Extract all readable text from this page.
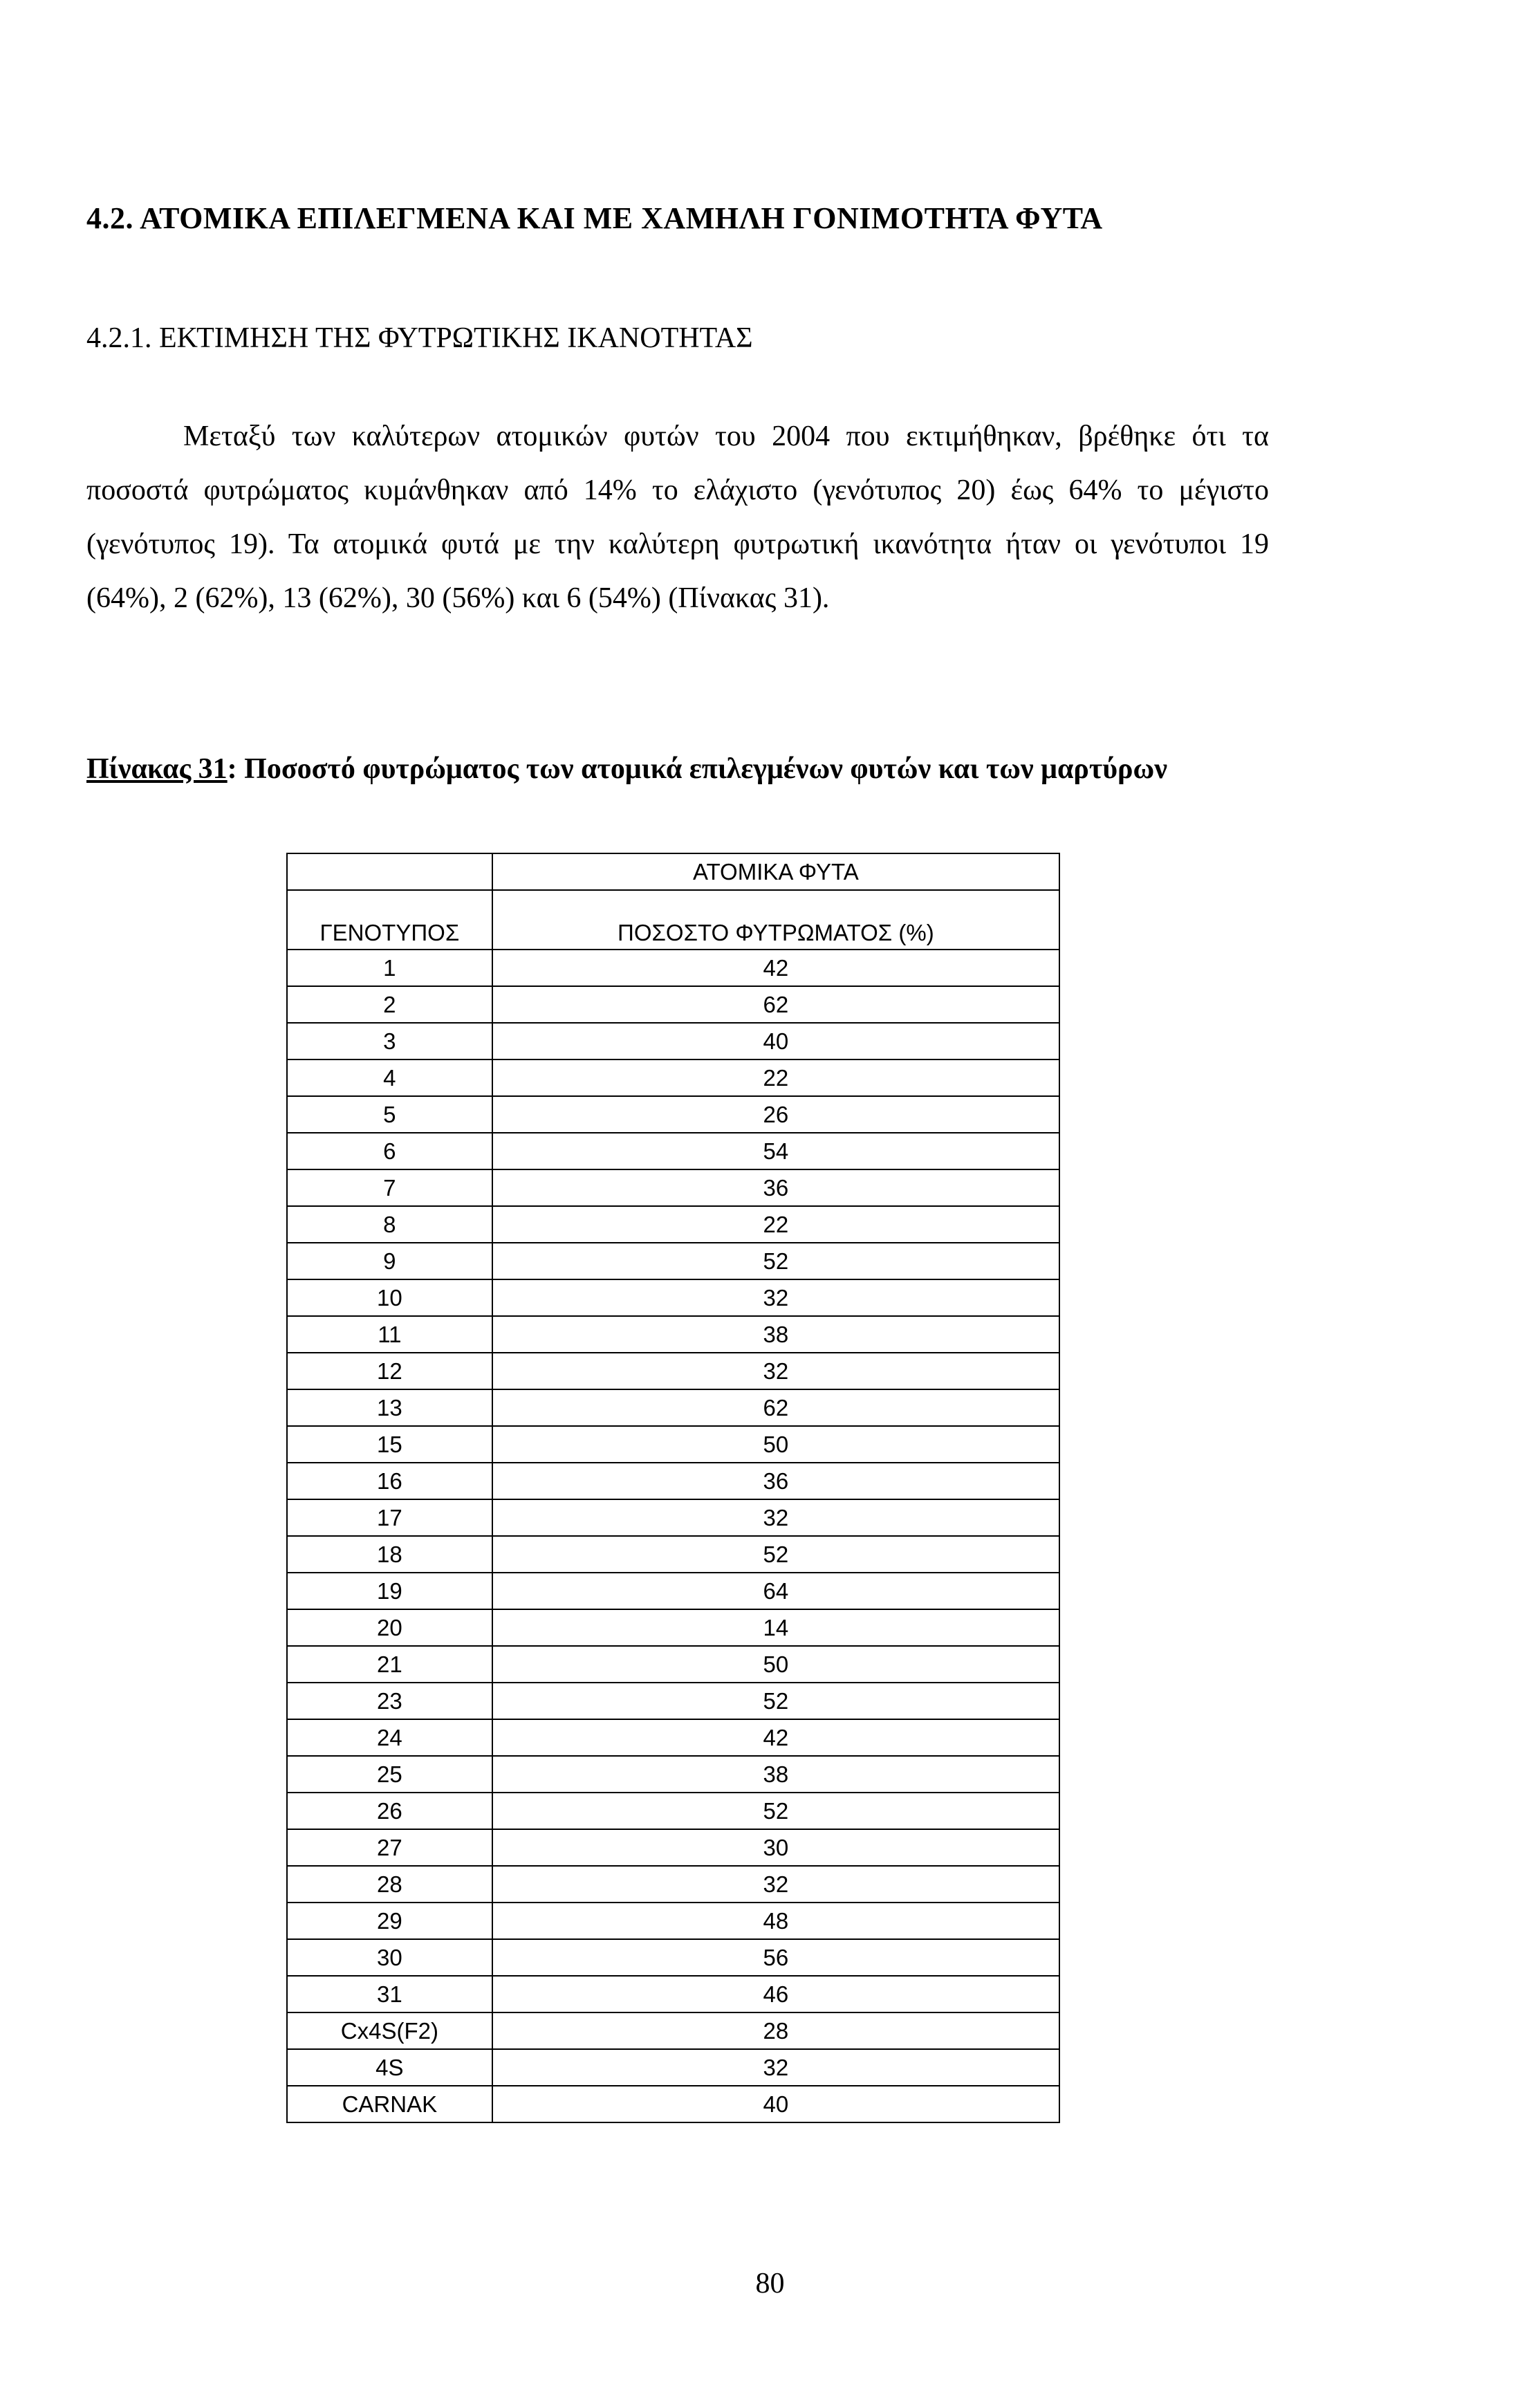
4.2. ΑΤΟΜΙΚΑ ΕΠΙΛΕΓΜΕΝΑ ΚΑΙ ΜΕ ΧΑΜΗΛΗ ΓΟΝΙΜΟΤΗΤΑ ΦΥΤΑ
4.2.1. ΕΚΤΙΜΗΣΗ ΤΗΣ ΦΥΤΡΩΤΙΚΗΣ ΙΚΑΝΟΤΗΤΑΣ

Μεταξύ των καλύτερων ατομικών φυτών του 2004 που εκτιμήθηκαν, βρέθηκε ότι τα ποσοστά φυτρώματος κυμάνθηκαν από 14% το ελάχιστο (γενότυπος 20) έως 64% το μέγιστο (γενότυπος 19). Τα ατομικά φυτά με την καλύτερη φυτρωτική ικανότητα ήταν οι γενότυποι 19 (64%), 2 (62%), 13 (62%), 30 (56%) και 6 (54%) (Πίνακας 31).

Πίνακας 31: Ποσοστό φυτρώματος των ατομικά επιλεγμένων φυτών και των μαρτύρων
	ΑΤΟΜΙΚΑ ΦΥΤΑ
ΓΕΝΟΤΥΠΟΣ	ΠΟΣΟΣΤΟ ΦΥΤΡΩΜΑΤΟΣ (%)
1	42
2	62
3	40
4	22
5	26
6	54
7	36
8	22
9	52
10	32
11	38
12	32
13	62
15	50
16	36
17	32
18	52
19	64
20	14
21	50
23	52
24	42
25	38
26	52
27	30
28	32
29	48
30	56
31	46
Cx4S(F2)	28
4S	32
CARNAK	40
80
